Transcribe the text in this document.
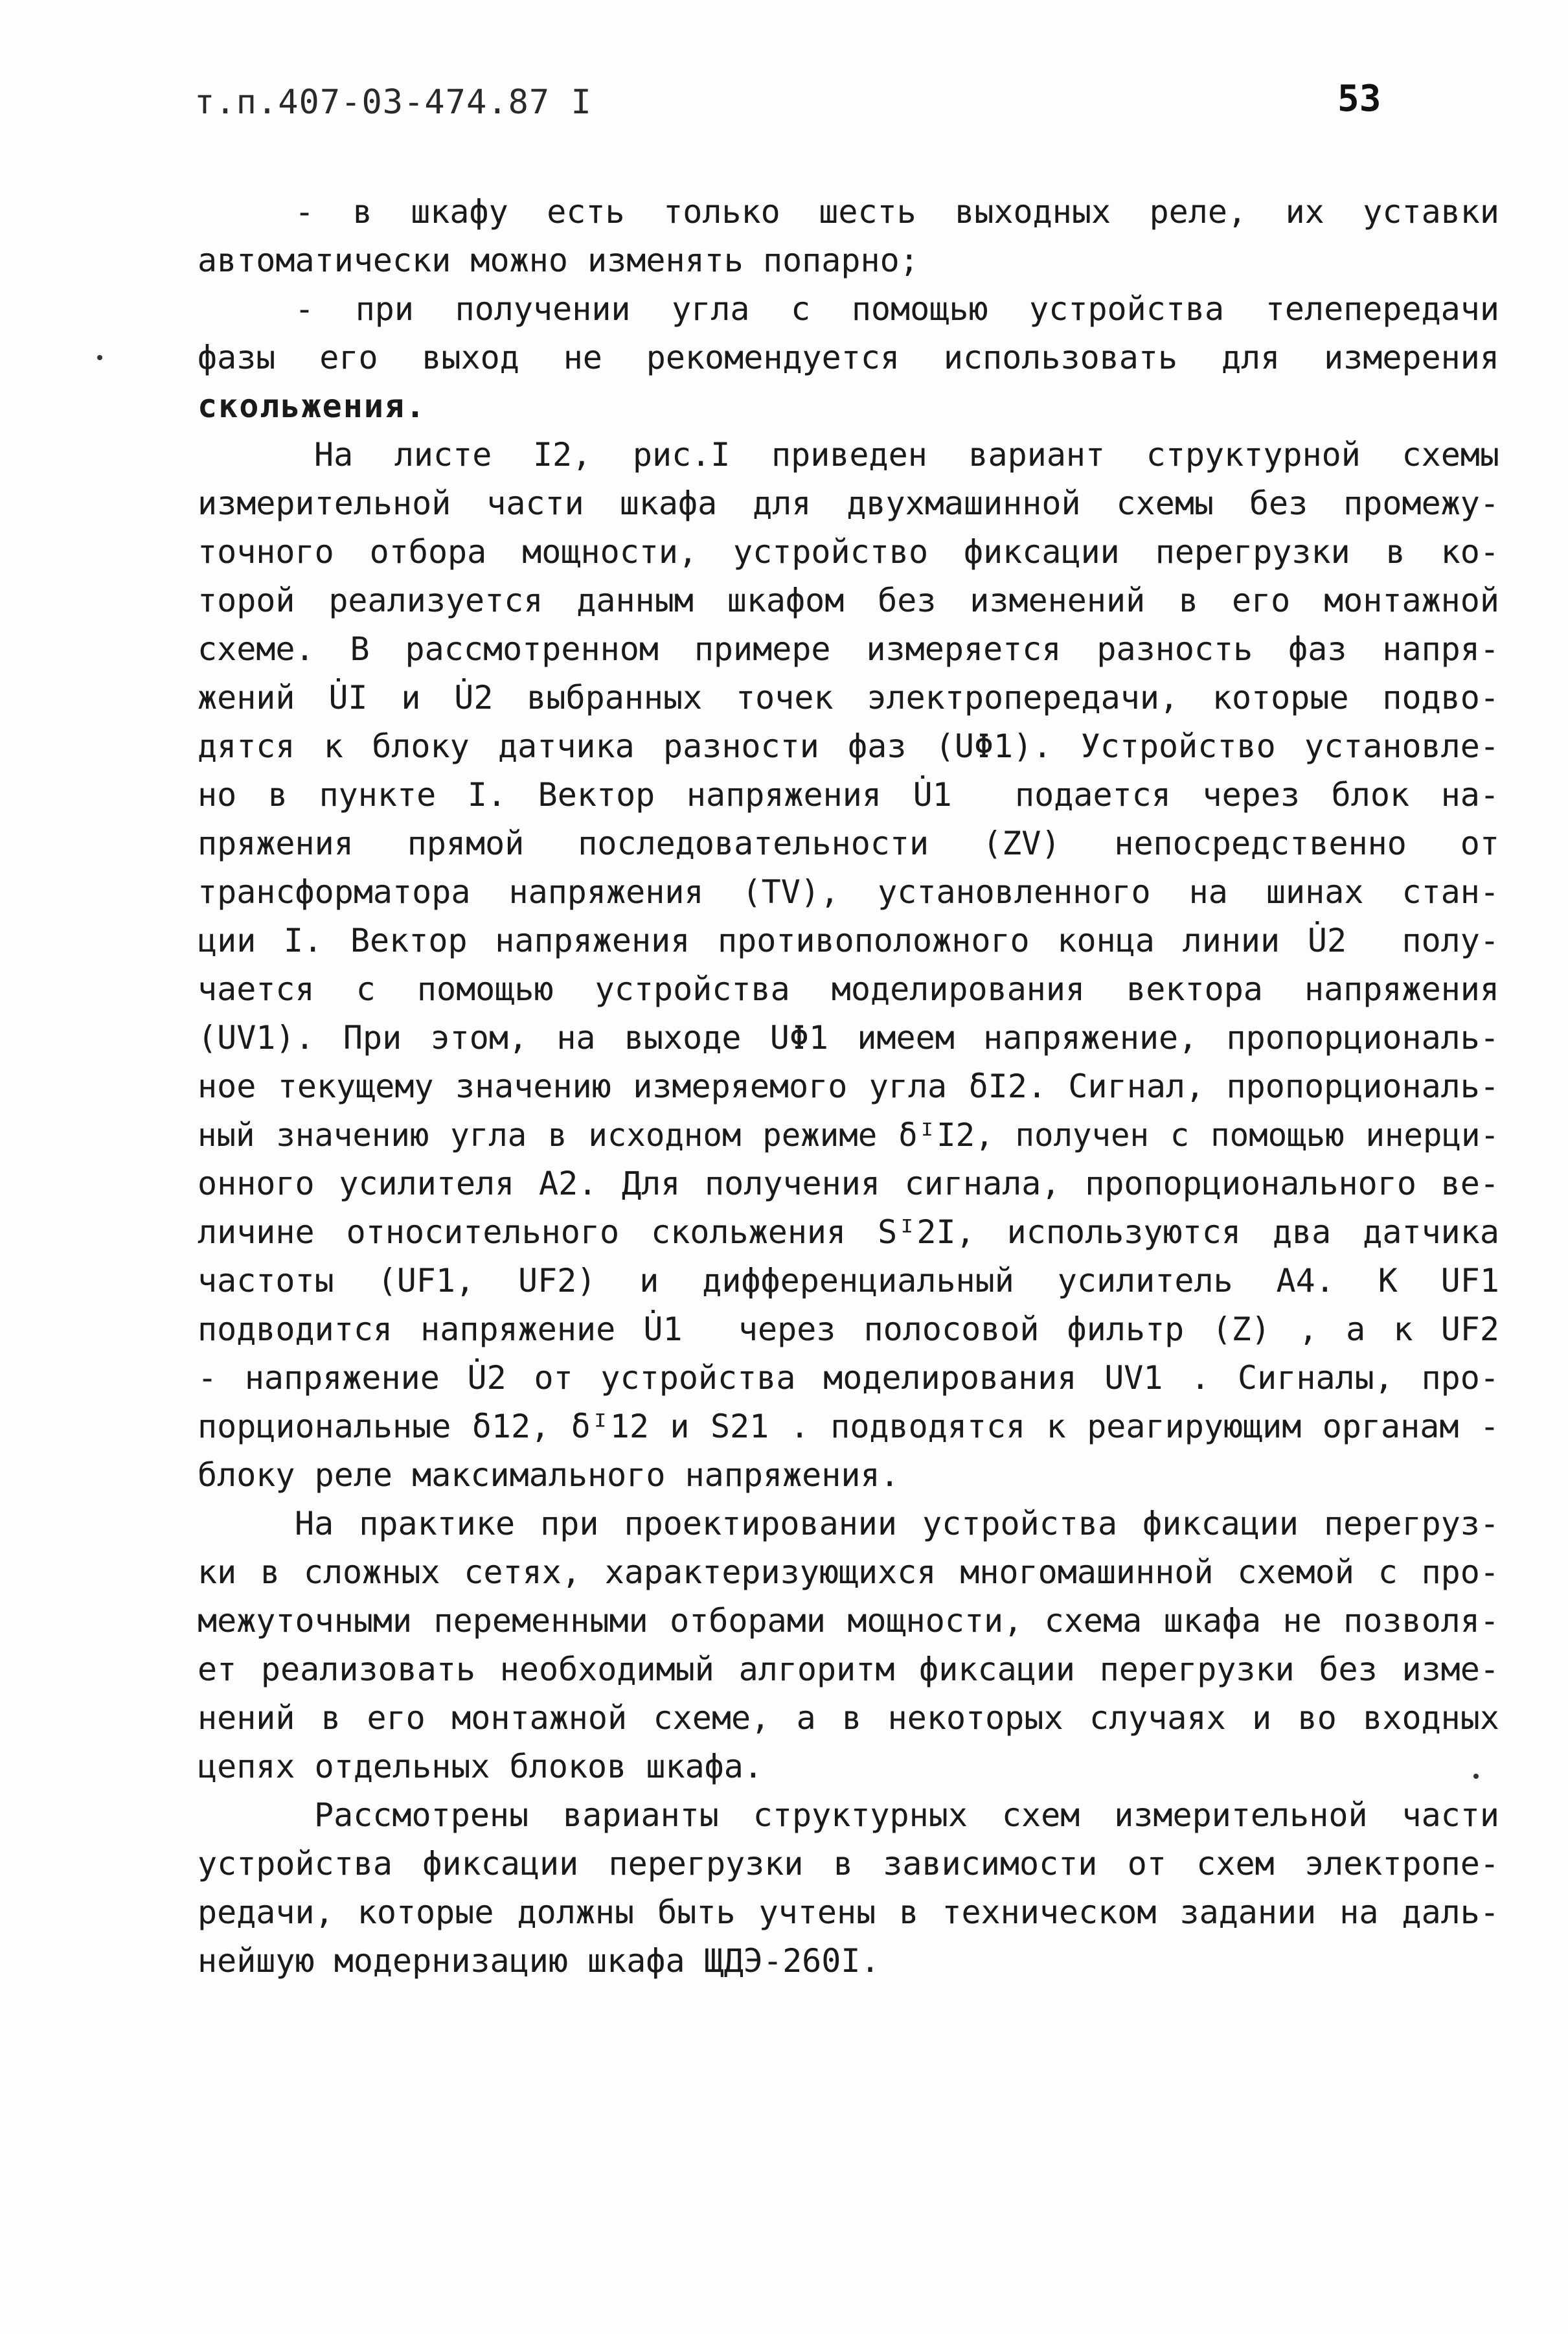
т.п.407-03-474.87 I	53
- в шкафу есть только шесть выходных реле, их уставки
автоматически можно изменять попарно;
- при получении угла с помощью устройства телепередачи
фазы его выход не рекомендуется использовать для измерения
скольжения.
На листе I2, рис.I приведен вариант структурной схемы
измерительной части шкафа для двухмашинной схемы без промежу-
точного отбора мощности, устройство фиксации перегрузки в ко-
торой реализуется данным шкафом без изменений в его монтажной
схеме. В рассмотренном примере измеряется разность фаз напря-
жений U̇I и U̇2 выбранных точек электропередачи, которые подво-
дятся к блоку датчика разности фаз (UΦ1). Устройство установле-
но в пункте I. Вектор напряжения U̇1  подается через блок на-
пряжения прямой последовательности (ZV) непосредственно от
трансформатора напряжения (TV), установленного на шинах стан-
ции I. Вектор напряжения противоположного конца линии U̇2  полу-
чается с помощью устройства моделирования вектора напряжения
(UV1). При этом, на выходе UΦ1 имеем напряжение, пропорциональ-
ное текущему значению измеряемого угла δI2. Сигнал, пропорциональ-
ный значению угла в исходном режиме δᴵI2, получен с помощью инерци-
онного усилителя А2. Для получения сигнала, пропорционального ве-
личине относительного скольжения Sᴵ2I, используются два датчика
частоты (UF1, UF2) и дифференциальный усилитель А4. К UF1
подводится напряжение U̇1  через полосовой фильтр (Z) , а к UF2
- напряжение U̇2 от устройства моделирования UV1 . Сигналы, про-
порциональные δ12, δᴵ12 и S21 . подводятся к реагирующим органам -
блоку реле максимального напряжения.
На практике при проектировании устройства фиксации перегруз-
ки в сложных сетях, характеризующихся многомашинной схемой с про-
межуточными переменными отборами мощности, схема шкафа не позволя-
ет реализовать необходимый алгоритм фиксации перегрузки без изме-
нений в его монтажной схеме, а в некоторых случаях и во входных
цепях отдельных блоков шкафа.
Рассмотрены варианты структурных схем измерительной части
устройства фиксации перегрузки в зависимости от схем электропе-
редачи, которые должны быть учтены в техническом задании на даль-
нейшую модернизацию шкафа ЩДЭ-260I.
